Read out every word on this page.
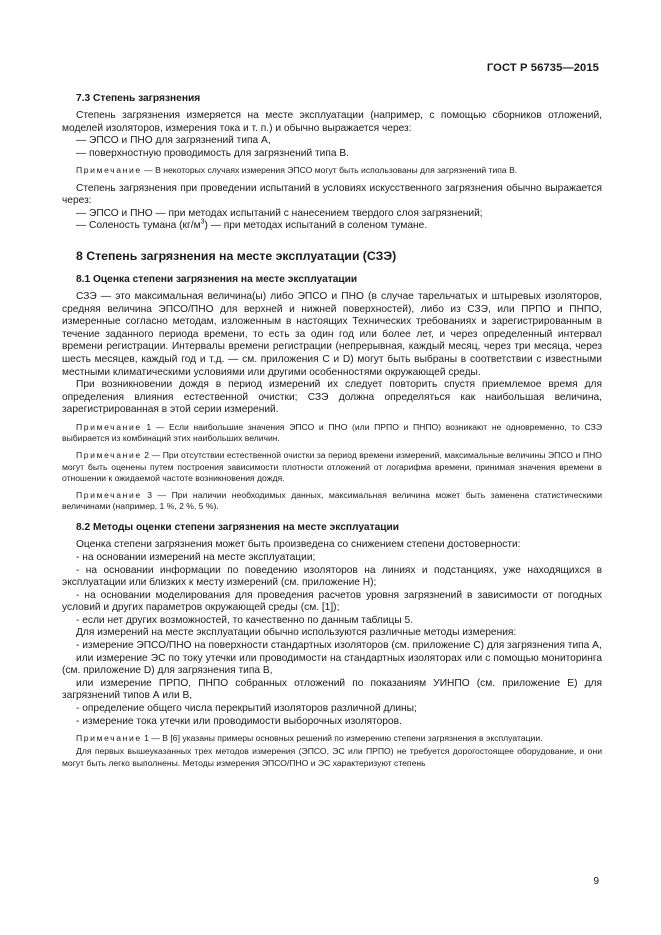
ГОСТ Р 56735—2015
7.3 Степень загрязнения

Степень загрязнения измеряется на месте эксплуатации (например, с помощью сборников отложений, моделей изоляторов, измерения тока и т. п.) и обычно выражается через:

— ЭПСО и ПНО для загрязнений типа А,
— поверхностную проводимость для загрязнений типа В.

Примечание — В некоторых случаях измерения ЭПСО могут быть использованы для загрязнений типа В.

Степень загрязнения при проведении испытаний в условиях искусственного загрязнения обычно выражается через:

— ЭПСО и ПНО — при методах испытаний с нанесением твердого слоя загрязнений;
— Соленость тумана $(кг/м^3)$ — при методах испытаний в соленом тумане.
8 Степень загрязнения на месте эксплуатации (СЗЭ)
8.1 Оценка степени загрязнения на месте эксплуатации

СЗЭ — это максимальная величина(ы) либо ЭПСО и ПНО (в случае тарельчатых и штыревых изоляторов, средняя величина ЭПСО/ПНО для верхней и нижней поверхностей), либо из СЗЭ, или ПРПО и ПНПО, измеренные согласно методам, изложенным в настоящих Технических требованиях и зарегистрированным в течение заданного периода времени, то есть за один год или более лет, и через определенный интервал времени регистрации. Интервалы времени регистрации (непрерывная, каждый месяц, через три месяца, через шесть месяцев, каждый год и т.д. — см. приложения С и D) могут быть выбраны в соответствии с известными местными климатическими условиями или другими особенностями окружающей среды.

При возникновении дождя в период измерений их следует повторить спустя приемлемое время для определения влияния естественной очистки; СЗЭ должна определяться как наибольшая величина, зарегистрированная в этой серии измерений.

Примечание 1 — Если наибольшие значения ЭПСО и ПНО (или ПРПО и ПНПО) возникают не одновременно, то СЗЭ выбирается из комбинаций этих наибольших величин.

Примечание 2 — При отсутствии естественной очистки за период времени измерений, максимальные величины ЭПСО и ПНО могут быть оценены путем построения зависимости плотности отложений от логарифма времени, принимая значения времени в отношении к ожидаемой частоте возникновения дождя.

Примечание 3 — При наличии необходимых данных, максимальная величина может быть заменена статистическими величинами (например, 1 %, 2 %, 5 %).

8.2 Методы оценки степени загрязнения на месте эксплуатации

Оценка степени загрязнения может быть произведена со снижением степени достоверности:

- на основании измерений на месте эксплуатации;

- на основании информации по поведению изоляторов на линиях и подстанциях, уже находящихся в эксплуатации или близких к месту измерений (см. приложение Н);

- на основании моделирования для проведения расчетов уровня загрязнений в зависимости от погодных условий и других параметров окружающей среды (см. [1]);

- если нет других возможностей, то качественно по данным таблицы 5.

Для измерений на месте эксплуатации обычно используются различные методы измерения:

- измерение ЭПСО/ПНО на поверхности стандартных изоляторов (см. приложение С) для загрязнения типа А,

или измерение ЭС по току утечки или проводимости на стандартных изоляторах или с помощью мониторинга (см. приложение D) для загрязнения типа В,

или измерение ПРПО, ПНПО собранных отложений по показаниям УИНПО (см. приложение Е) для загрязнений типов А или В,

- определение общего числа перекрытий изоляторов различной длины;

- измерение тока утечки или проводимости выборочных изоляторов.

Примечание 1 — В [6] указаны примеры основных решений по измерению степени загрязнения в эксплуатации.

Для первых вышеуказанных трех методов измерения (ЭПСО, ЭС или ПРПО) не требуется дорогостоящее оборудование, и они могут быть легко выполнены. Методы измерения ЭПСО/ПНО и ЭС характеризуют степень

9
